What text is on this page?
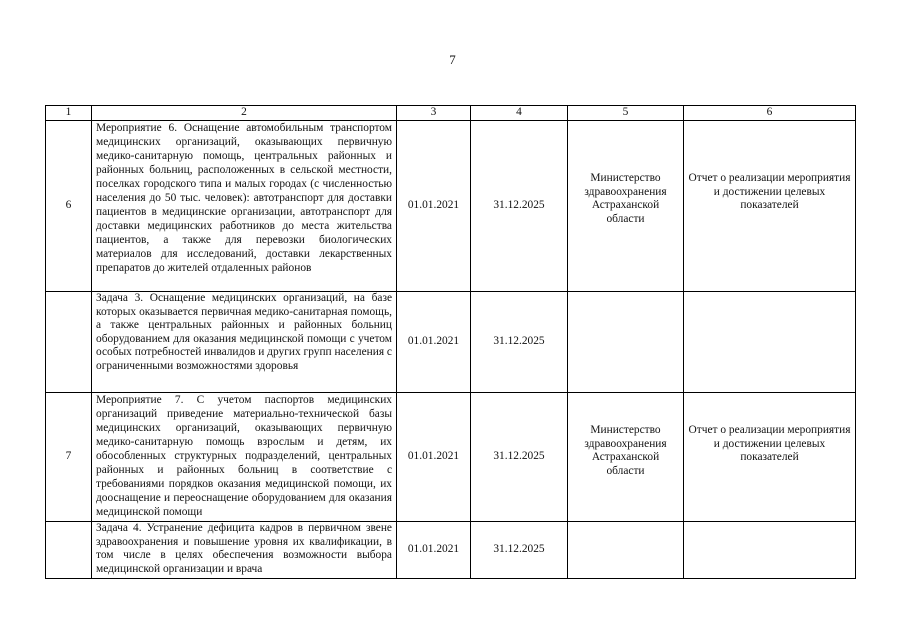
7
1	2	3	4	5	6
6	Мероприятие 6. Оснащение автомобильным транспортом медицинских организаций, оказывающих первичную медико-санитарную помощь, центральных районных и районных больниц, расположенных в сельской местности, поселках городского типа и малых городах (с численностью населения до 50 тыс. человек): автотранспорт для доставки пациентов в медицинские организации, автотранспорт для доставки медицинских работников до места жительства пациентов, а также для перевозки биологических материалов для исследований, доставки лекарственных препаратов до жителей отдаленных районов	01.01.2021	31.12.2025	Министерство здравоохранения Астраханской области	Отчет о реализации мероприятия и достижении целевых показателей
	Задача 3. Оснащение медицинских организаций, на базе которых оказывается первичная медико-санитарная помощь, а также центральных районных и районных больниц оборудованием для оказания медицинской помощи с учетом особых потребностей инвалидов и других групп населения с ограниченными возможностями здоровья	01.01.2021	31.12.2025		
7	Мероприятие 7. С учетом паспортов медицинских организаций приведение материально-технической базы медицинских организаций, оказывающих первичную медико-санитарную помощь взрослым и детям, их обособленных структурных подразделений, центральных районных и районных больниц в соответствие с требованиями порядков оказания медицинской помощи, их дооснащение и переоснащение оборудованием для оказания медицинской помощи	01.01.2021	31.12.2025	Министерство здравоохранения Астраханской области	Отчет о реализации мероприятия и достижении целевых показателей
	Задача 4. Устранение дефицита кадров в первичном звене здравоохранения и повышение уровня их квалификации, в том числе в целях обеспечения возможности выбора медицинской организации и врача	01.01.2021	31.12.2025		
